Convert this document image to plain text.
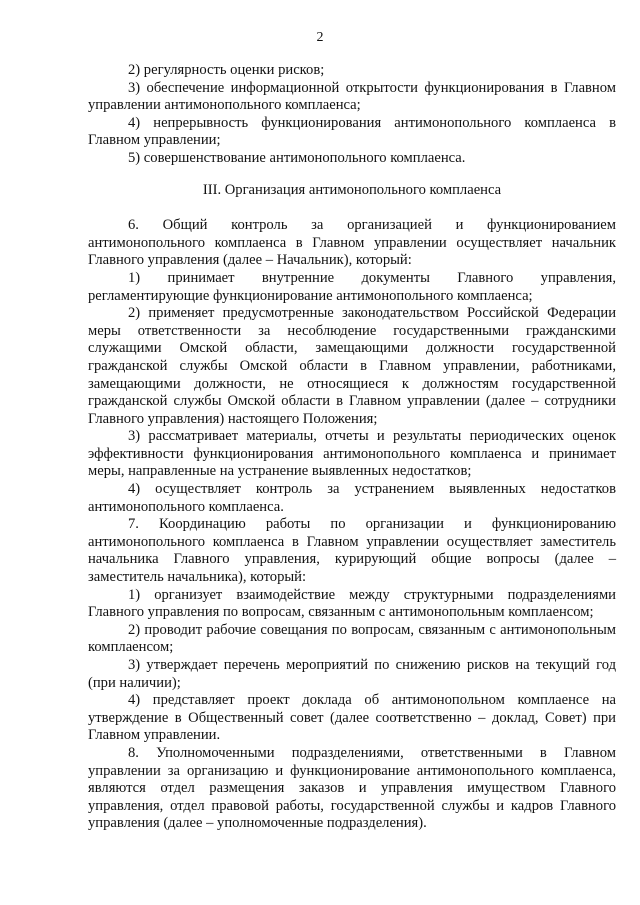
2

2) регулярность оценки рисков;

3) обеспечение информационной открытости функционирования в Главном управлении антимонопольного комплаенса;

4) непрерывность функционирования антимонопольного комплаенса в Главном управлении;

5) совершенствование антимонопольного комплаенса.

III. Организация антимонопольного комплаенса

6. Общий контроль за организацией и функционированием антимонопольного комплаенса в Главном управлении осуществляет начальник Главного управления (далее – Начальник), который:

1) принимает внутренние документы Главного управления, регламентирующие функционирование антимонопольного комплаенса;

2) применяет предусмотренные законодательством Российской Федерации меры ответственности за несоблюдение государственными гражданскими служащими Омской области, замещающими должности государственной гражданской службы Омской области в Главном управлении, работниками, замещающими должности, не относящиеся к должностям государственной гражданской службы Омской области в Главном управлении (далее – сотрудники Главного управления) настоящего Положения;

3) рассматривает материалы, отчеты и результаты периодических оценок эффективности функционирования антимонопольного комплаенса и принимает меры, направленные на устранение выявленных недостатков;

4) осуществляет контроль за устранением выявленных недостатков антимонопольного комплаенса.

7. Координацию работы по организации и функционированию антимонопольного комплаенса в Главном управлении осуществляет заместитель начальника Главного управления, курирующий общие вопросы (далее – заместитель начальника), который:

1) организует взаимодействие между структурными подразделениями Главного управления по вопросам, связанным с антимонопольным комплаенсом;

2) проводит рабочие совещания по вопросам, связанным с антимонопольным комплаенсом;

3) утверждает перечень мероприятий по снижению рисков на текущий год (при наличии);

4) представляет проект доклада об антимонопольном комплаенсе на утверждение в Общественный совет (далее соответственно – доклад, Совет) при Главном управлении.

8. Уполномоченными подразделениями, ответственными в Главном управлении за организацию и функционирование антимонопольного комплаенса, являются отдел размещения заказов и управления имуществом Главного управления, отдел правовой работы, государственной службы и кадров Главного управления (далее – уполномоченные подразделения).
